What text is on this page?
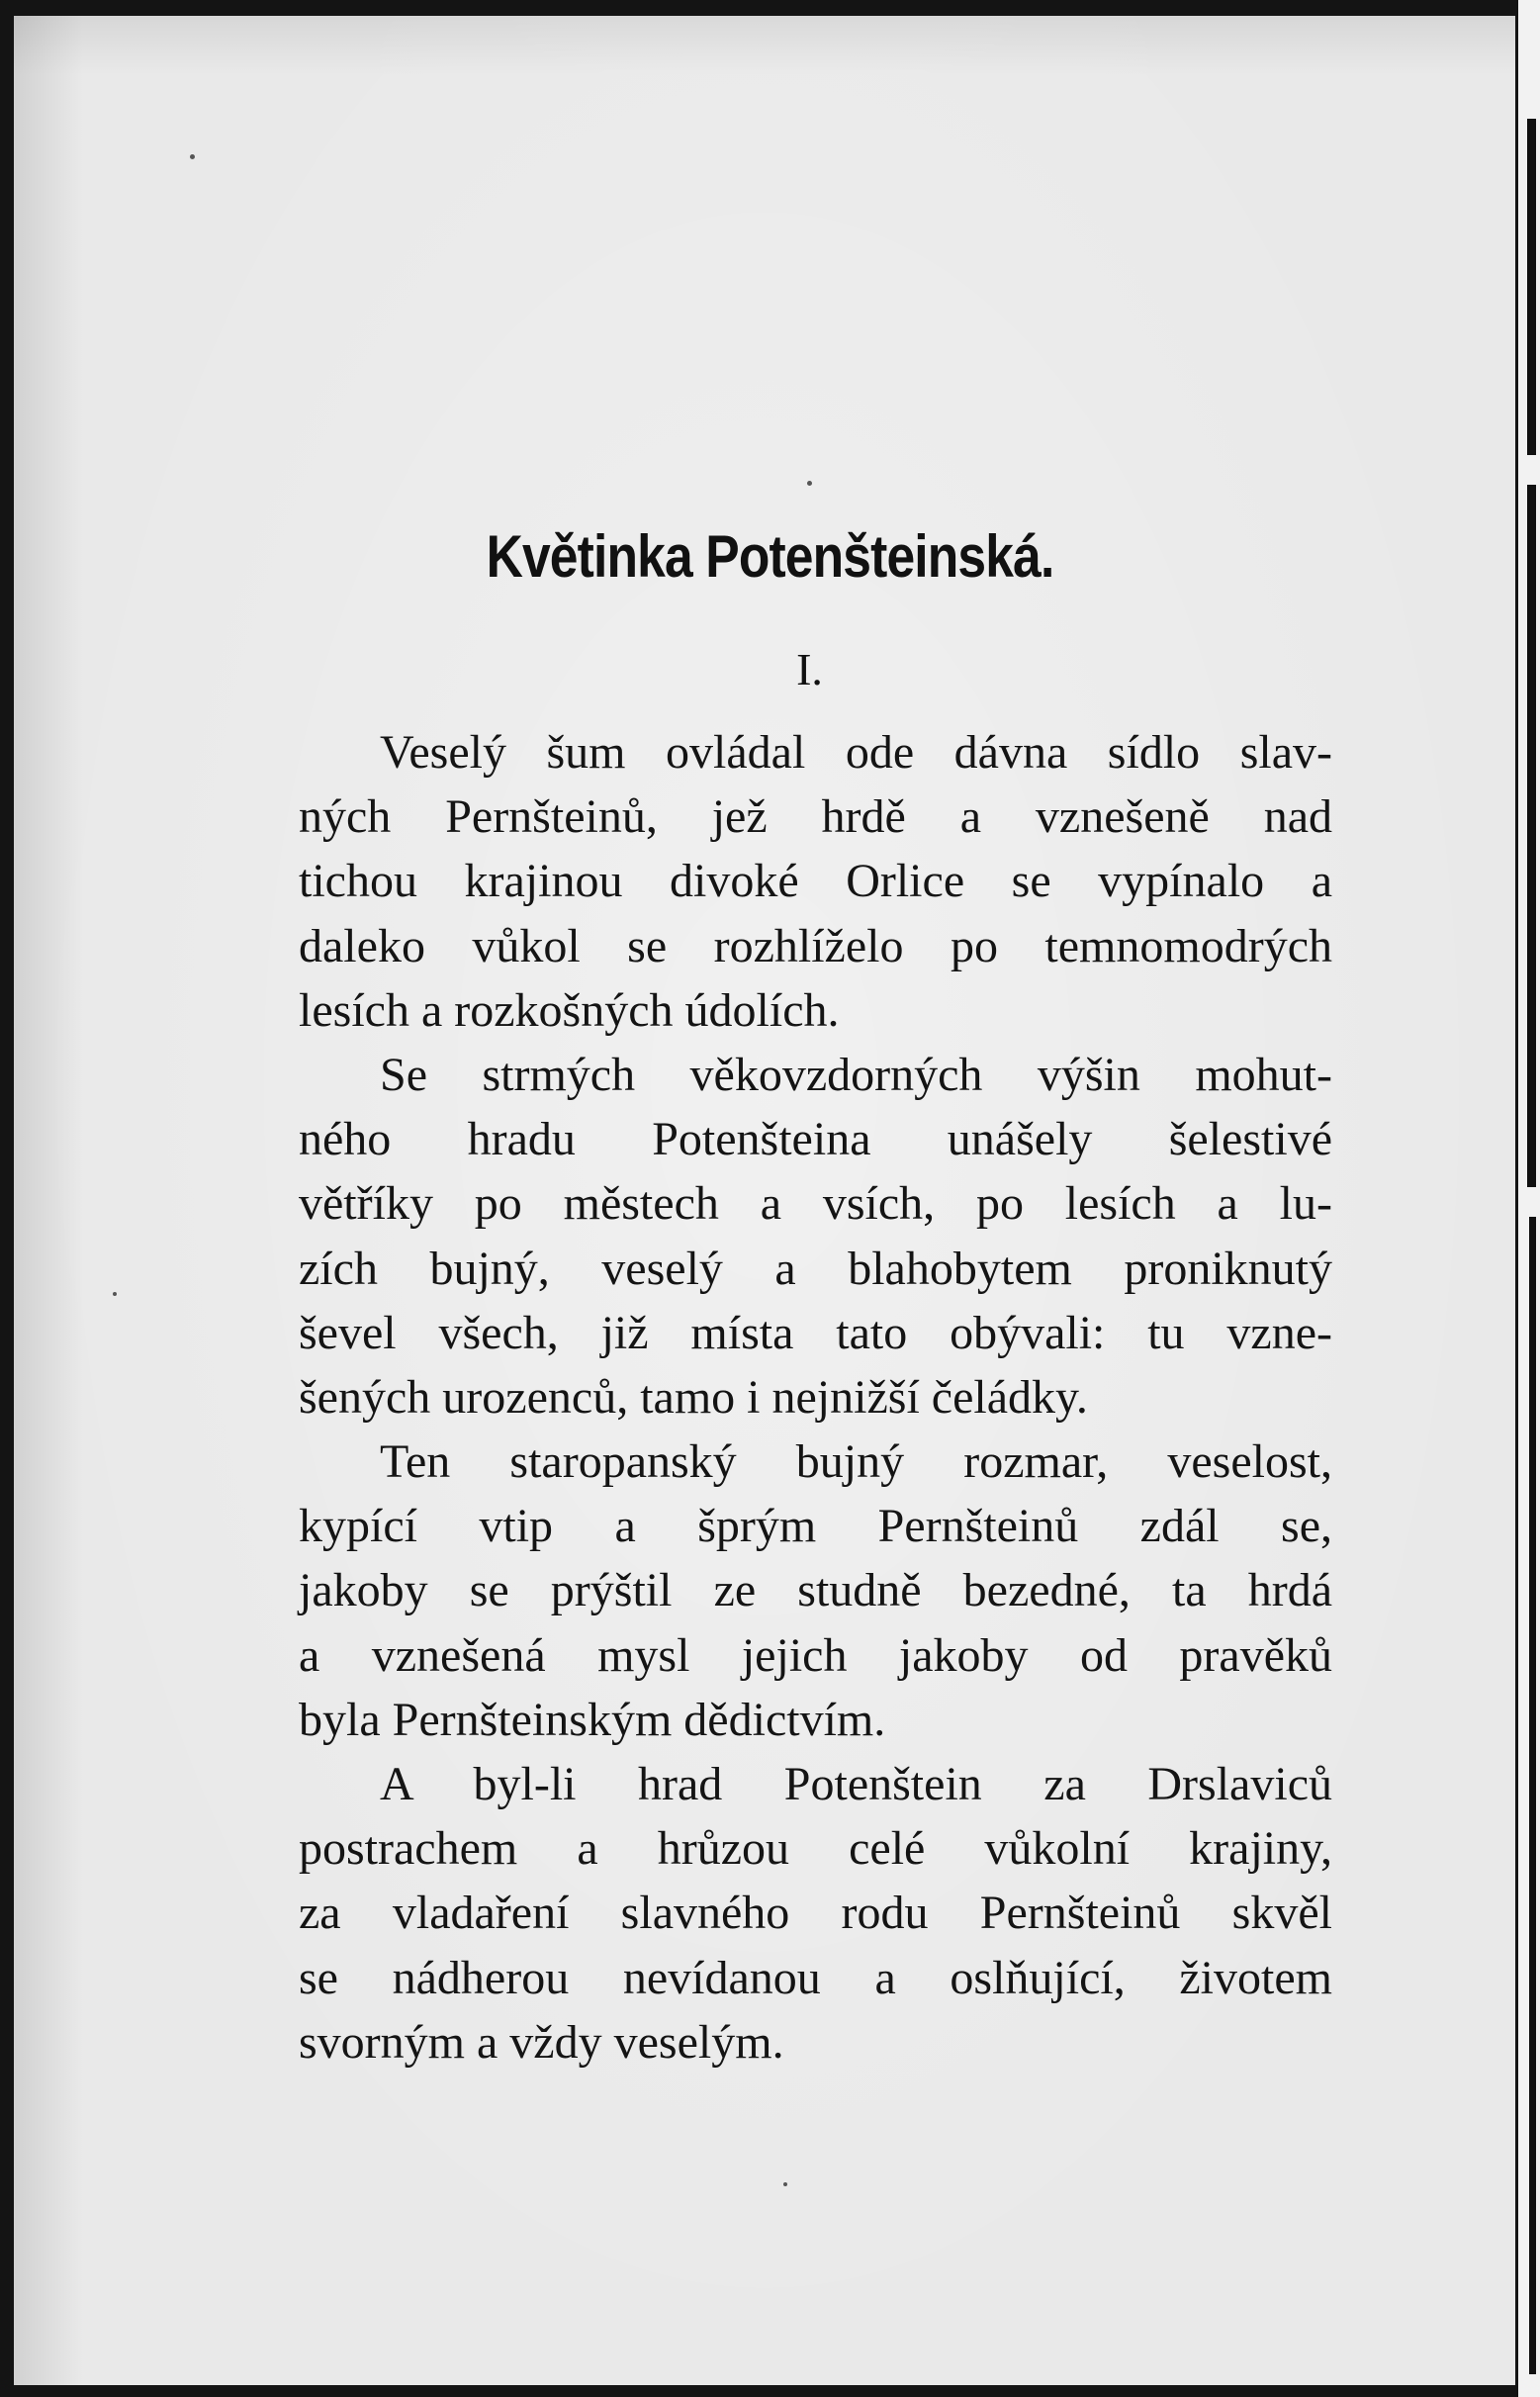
Květinka Potenšteinská.
I.
Veselý šum ovládal ode dávna sídlo slav-
ných Pernšteinů, jež hrdě a vznešeně nad
tichou krajinou divoké Orlice se vypínalo a
daleko vůkol se rozhlíželo po temnomodrých
lesích a rozkošných údolích.
Se strmých věkovzdorných výšin mohut-
ného hradu Potenšteina unášely šelestivé
větříky po městech a vsích, po lesích a lu-
zích bujný, veselý a blahobytem proniknutý
ševel všech, již místa tato obývali: tu vzne-
šených urozenců, tamo i nejnižší čeládky.
Ten staropanský bujný rozmar, veselost,
kypící vtip a šprým Pernšteinů zdál se,
jakoby se prýštil ze studně bezedné, ta hrdá
a vznešená mysl jejich jakoby od pravěků
byla Pernšteinským dědictvím.
A byl-li hrad Potenštein za Drslaviců
postrachem a hrůzou celé vůkolní krajiny,
za vladaření slavného rodu Pernšteinů skvěl
se nádherou nevídanou a oslňující, životem
svorným a vždy veselým.
